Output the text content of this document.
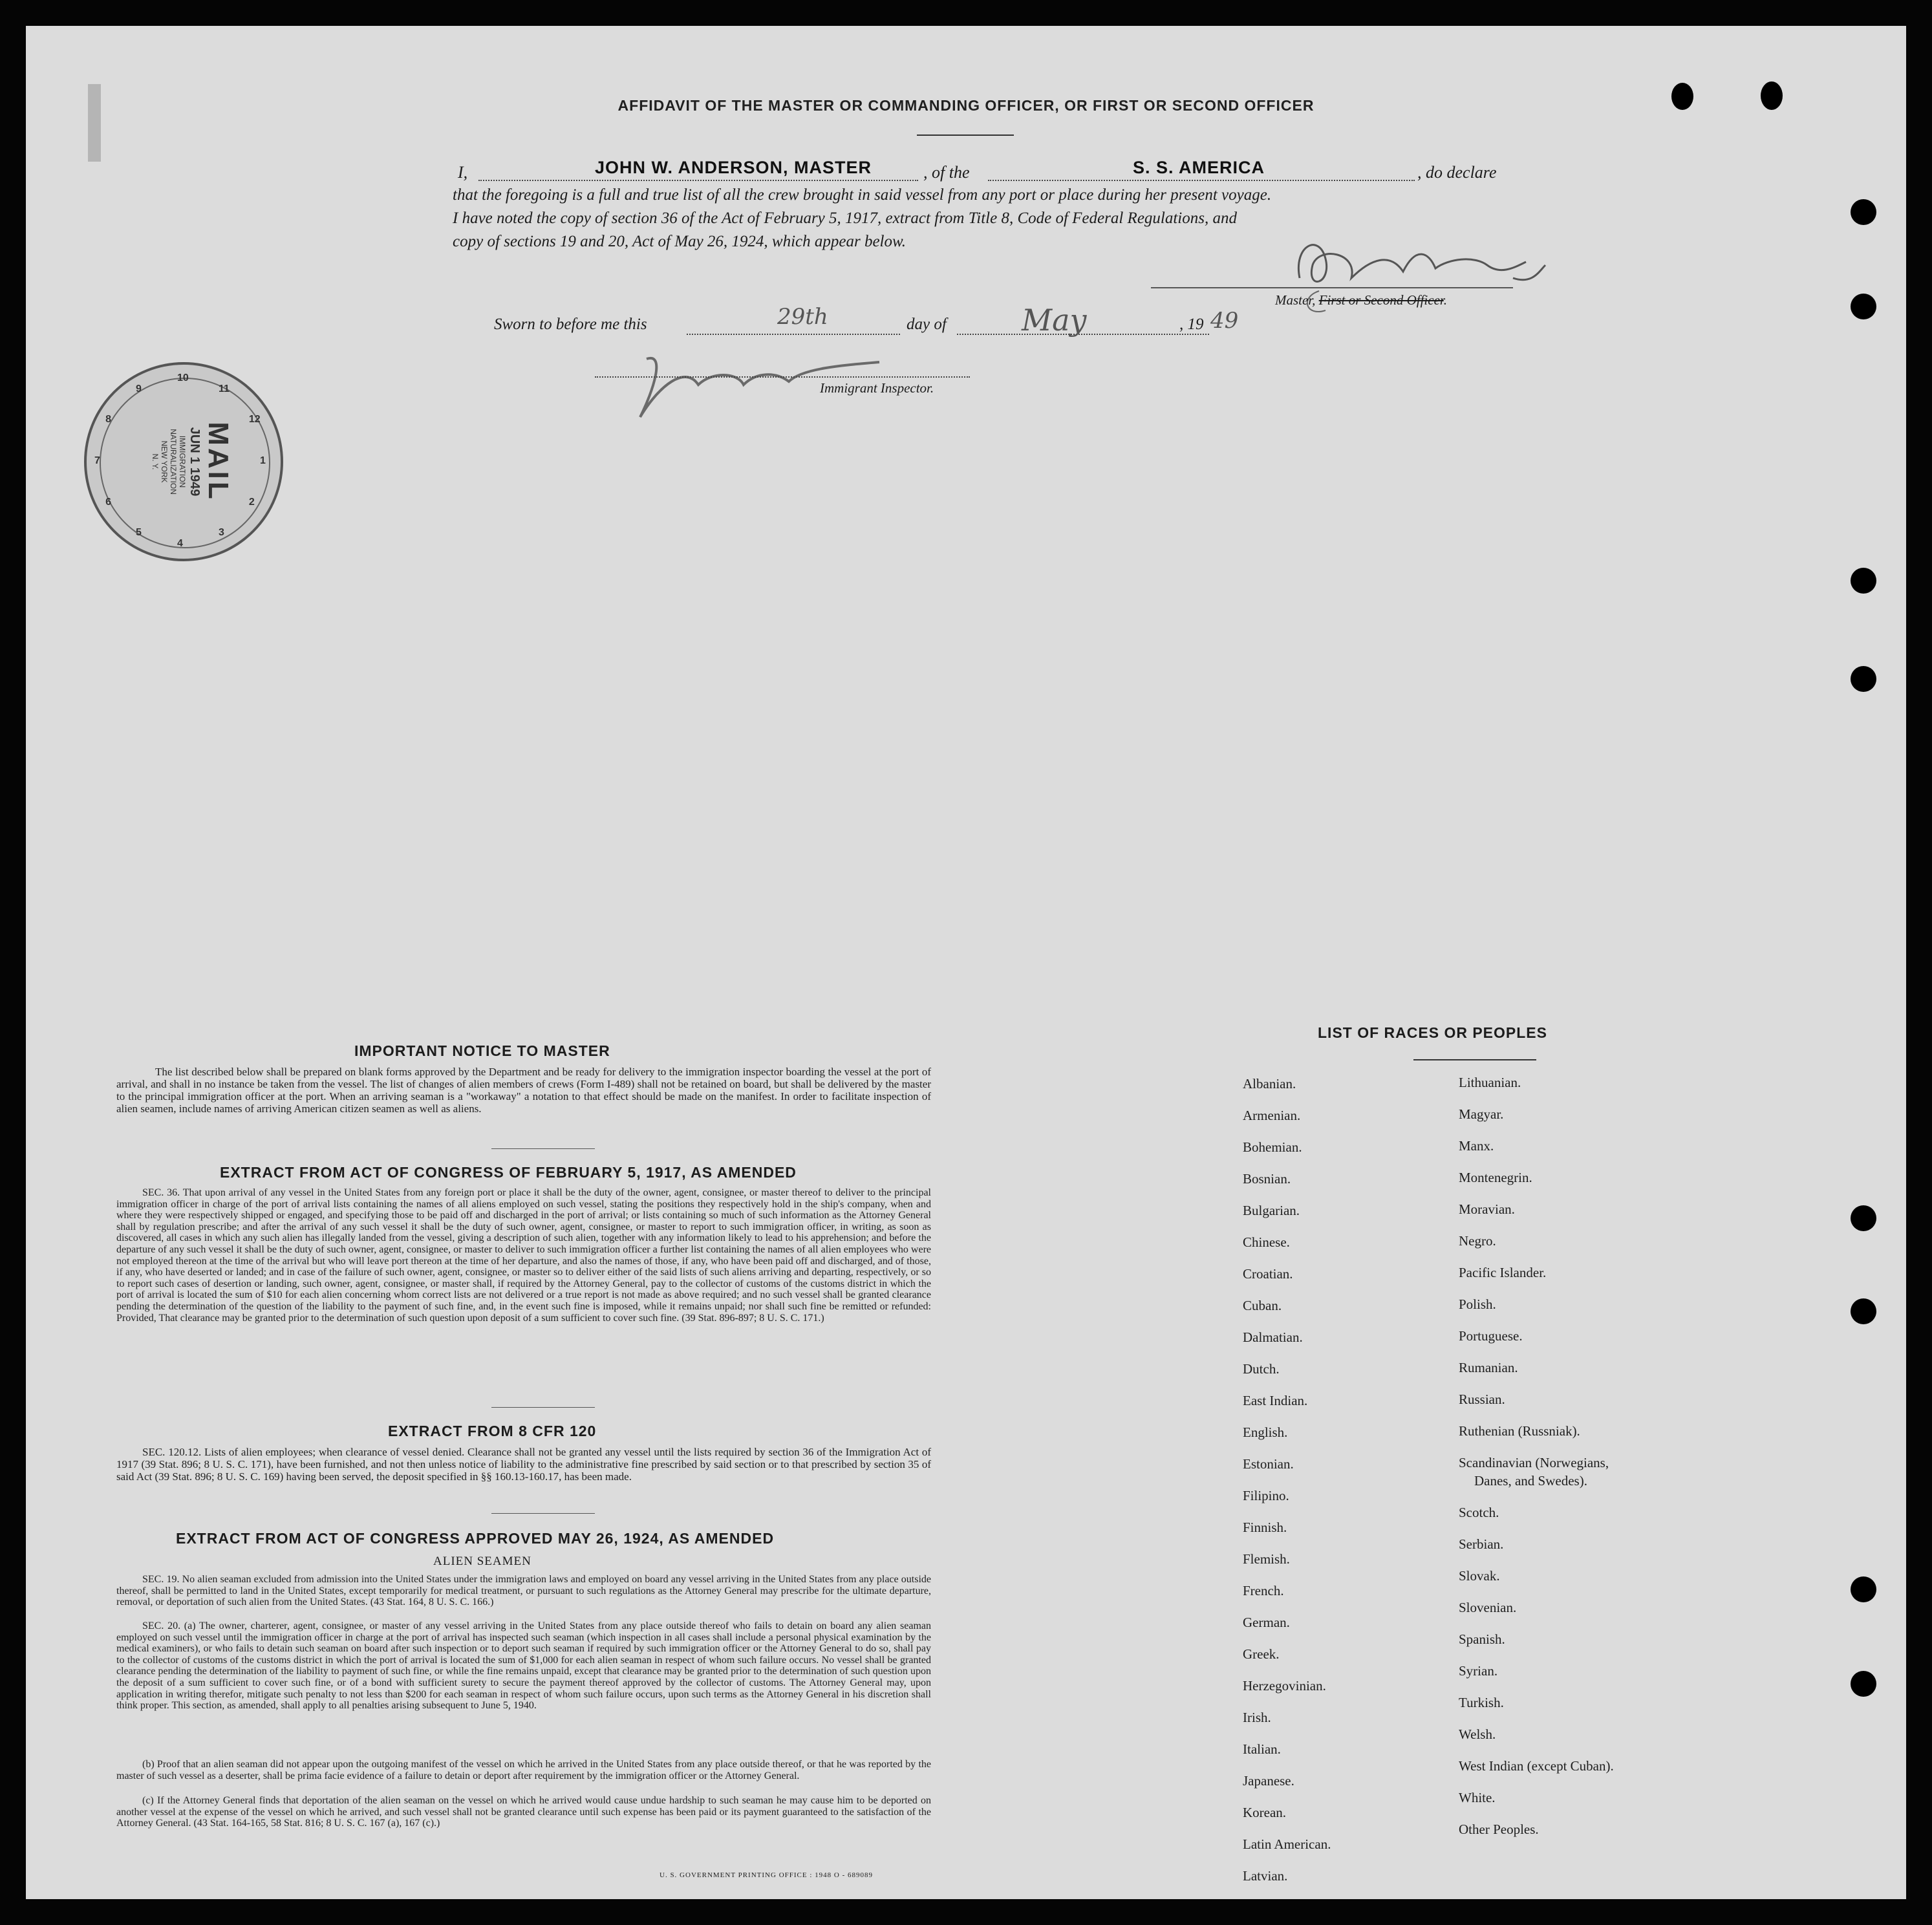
AFFIDAVIT OF THE MASTER OR COMMANDING OFFICER, OR FIRST OR SECOND OFFICER
I,	JOHN W. ANDERSON, MASTER	, of the	S. S. AMERICA	, do declare
that the foregoing is a full and true list of all the crew brought in said vessel from any port or place during her present voyage.
I have noted the copy of section 36 of the Act of February 5, 1917, extract from Title 8, Code of Federal Regulations, and
copy of sections 19 and 20, Act of May 26, 1924, which appear below.
Master, First or Second Officer.
Sworn to before me this	29th	day of	May	, 19 49
Immigrant Inspector.
10
11
12
1
2
3
4
5
6
7
8
9
MAIL
JUN 1 1949
IMMIGRATION
NATURALIZATION
NEW YORK
N. Y.
IMPORTANT NOTICE TO MASTER
The list described below shall be prepared on blank forms approved by the Department and be ready for delivery to the immigration inspector boarding the vessel at the port of arrival, and shall in no instance be taken from the vessel. The list of changes of alien members of crews (Form I-489) shall not be retained on board, but shall be delivered by the master to the principal immigration officer at the port. When an arriving seaman is a "workaway" a notation to that effect should be made on the manifest. In order to facilitate inspection of alien seamen, include names of arriving American citizen seamen as well as aliens.
EXTRACT FROM ACT OF CONGRESS OF FEBRUARY 5, 1917, AS AMENDED
SEC. 36. That upon arrival of any vessel in the United States from any foreign port or place it shall be the duty of the owner, agent, consignee, or master thereof to deliver to the principal immigration officer in charge of the port of arrival lists containing the names of all aliens employed on such vessel, stating the positions they respectively hold in the ship's company, when and where they were respectively shipped or engaged, and specifying those to be paid off and discharged in the port of arrival; or lists containing so much of such information as the Attorney General shall by regulation prescribe; and after the arrival of any such vessel it shall be the duty of such owner, agent, consignee, or master to report to such immigration officer, in writing, as soon as discovered, all cases in which any such alien has illegally landed from the vessel, giving a description of such alien, together with any information likely to lead to his apprehension; and before the departure of any such vessel it shall be the duty of such owner, agent, consignee, or master to deliver to such immigration officer a further list containing the names of all alien employees who were not employed thereon at the time of the arrival but who will leave port thereon at the time of her departure, and also the names of those, if any, who have been paid off and discharged, and of those, if any, who have deserted or landed; and in case of the failure of such owner, agent, consignee, or master so to deliver either of the said lists of such aliens arriving and departing, respectively, or so to report such cases of desertion or landing, such owner, agent, consignee, or master shall, if required by the Attorney General, pay to the collector of customs of the customs district in which the port of arrival is located the sum of $10 for each alien concerning whom correct lists are not delivered or a true report is not made as above required; and no such vessel shall be granted clearance pending the determination of the question of the liability to the payment of such fine, and, in the event such fine is imposed, while it remains unpaid; nor shall such fine be remitted or refunded: Provided, That clearance may be granted prior to the determination of such question upon deposit of a sum sufficient to cover such fine. (39 Stat. 896-897; 8 U. S. C. 171.)
EXTRACT FROM 8 CFR 120
SEC. 120.12. Lists of alien employees; when clearance of vessel denied. Clearance shall not be granted any vessel until the lists required by section 36 of the Immigration Act of 1917 (39 Stat. 896; 8 U. S. C. 171), have been furnished, and not then unless notice of liability to the administrative fine prescribed by said section or to that prescribed by section 35 of said Act (39 Stat. 896; 8 U. S. C. 169) having been served, the deposit specified in §§ 160.13-160.17, has been made.
EXTRACT FROM ACT OF CONGRESS APPROVED MAY 26, 1924, AS AMENDED
ALIEN SEAMEN
SEC. 19. No alien seaman excluded from admission into the United States under the immigration laws and employed on board any vessel arriving in the United States from any place outside thereof, shall be permitted to land in the United States, except temporarily for medical treatment, or pursuant to such regulations as the Attorney General may prescribe for the ultimate departure, removal, or deportation of such alien from the United States. (43 Stat. 164, 8 U. S. C. 166.)
SEC. 20. (a) The owner, charterer, agent, consignee, or master of any vessel arriving in the United States from any place outside thereof who fails to detain on board any alien seaman employed on such vessel until the immigration officer in charge at the port of arrival has inspected such seaman (which inspection in all cases shall include a personal physical examination by the medical examiners), or who fails to detain such seaman on board after such inspection or to deport such seaman if required by such immigration officer or the Attorney General to do so, shall pay to the collector of customs of the customs district in which the port of arrival is located the sum of $1,000 for each alien seaman in respect of whom such failure occurs. No vessel shall be granted clearance pending the determination of the liability to payment of such fine, or while the fine remains unpaid, except that clearance may be granted prior to the determination of such question upon the deposit of a sum sufficient to cover such fine, or of a bond with sufficient surety to secure the payment thereof approved by the collector of customs. The Attorney General may, upon application in writing therefor, mitigate such penalty to not less than $200 for each seaman in respect of whom such failure occurs, upon such terms as the Attorney General in his discretion shall think proper. This section, as amended, shall apply to all penalties arising subsequent to June 5, 1940.
(b) Proof that an alien seaman did not appear upon the outgoing manifest of the vessel on which he arrived in the United States from any place outside thereof, or that he was reported by the master of such vessel as a deserter, shall be prima facie evidence of a failure to detain or deport after requirement by the immigration officer or the Attorney General.
(c) If the Attorney General finds that deportation of the alien seaman on the vessel on which he arrived would cause undue hardship to such seaman he may cause him to be deported on another vessel at the expense of the vessel on which he arrived, and such vessel shall not be granted clearance until such expense has been paid or its payment guaranteed to the satisfaction of the Attorney General. (43 Stat. 164-165, 58 Stat. 816; 8 U. S. C. 167 (a), 167 (c).)
U. S. GOVERNMENT PRINTING OFFICE : 1948 O - 689089
LIST OF RACES OR PEOPLES
Albanian.
Armenian.
Bohemian.
Bosnian.
Bulgarian.
Chinese.
Croatian.
Cuban.
Dalmatian.
Dutch.
East Indian.
English.
Estonian.
Filipino.
Finnish.
Flemish.
French.
German.
Greek.
Herzegovinian.
Irish.
Italian.
Japanese.
Korean.
Latin American.
Latvian.
Lithuanian.
Magyar.
Manx.
Montenegrin.
Moravian.
Negro.
Pacific Islander.
Polish.
Portuguese.
Rumanian.
Russian.
Ruthenian (Russniak).
Scandinavian (Norwegians,
Danes, and Swedes).
Scotch.
Serbian.
Slovak.
Slovenian.
Spanish.
Syrian.
Turkish.
Welsh.
West Indian (except Cuban).
White.
Other Peoples.
